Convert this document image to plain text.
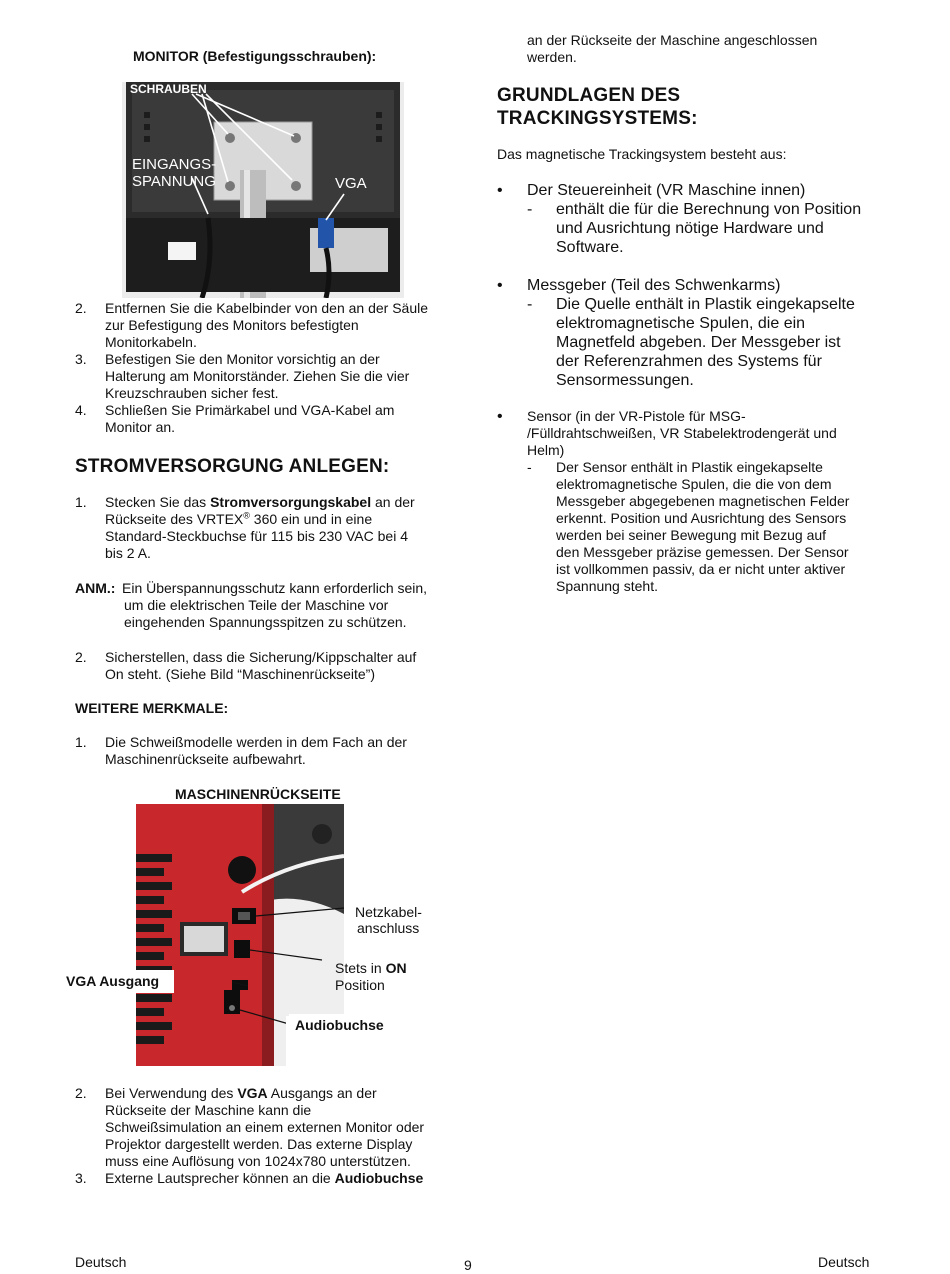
MONITOR (Befestigungsschrauben):
SCHRAUBEN
EINGANGS-
SPANNUNG	VGA
2. Entfernen Sie die Kabelbinder von den an der Säule
zur Befestigung des Monitors befestigten
Monitorkabeln.
3. Befestigen Sie den Monitor vorsichtig an der
Halterung am Monitorständer. Ziehen Sie die vier
Kreuzschrauben sicher fest.
4. Schließen Sie Primärkabel und VGA-Kabel am
Monitor an.
STROMVERSORGUNG ANLEGEN:
1. Stecken Sie das Stromversorgungskabel an der
Rückseite des VRTEX® 360 ein und in eine
Standard-Steckbuchse für 115 bis 230 VAC bei 4
bis 2 A.
ANM.: Ein Überspannungsschutz kann erforderlich sein,
um die elektrischen Teile der Maschine vor
eingehenden Spannungsspitzen zu schützen.
2. Sicherstellen, dass die Sicherung/Kippschalter auf
On steht. (Siehe Bild “Maschinenrückseite”)
WEITERE MERKMALE:
1. Die Schweißmodelle werden in dem Fach an der
Maschinenrückseite aufbewahrt.
MASCHINENRÜCKSEITE
Netzkabel-
anschluss
Stets in ON
Position
VGA Ausgang
Audiobuchse
2. Bei Verwendung des VGA Ausgangs an der
Rückseite der Maschine kann die
Schweißsimulation an einem externen Monitor oder
Projektor dargestellt werden. Das externe Display
muss eine Auflösung von 1024x780 unterstützen.
3. Externe Lautsprecher können an die Audiobuchse
an der Rückseite der Maschine angeschlossen
werden.
GRUNDLAGEN DES
TRACKINGSYSTEMS:
Das magnetische Trackingsystem besteht aus:
• Der Steuereinheit (VR Maschine innen)
- enthält die für die Berechnung von Position
und Ausrichtung nötige Hardware und
Software.
• Messgeber (Teil des Schwenkarms)
- Die Quelle enthält in Plastik eingekapselte
elektromagnetische Spulen, die ein
Magnetfeld abgeben. Der Messgeber ist
der Referenzrahmen des Systems für
Sensormessungen.
• Sensor (in der VR-Pistole für MSG-
/Fülldrahtschweißen, VR Stabelektrodengerät und
Helm)
- Der Sensor enthält in Plastik eingekapselte
elektromagnetische Spulen, die die von dem
Messgeber abgegebenen magnetischen Felder
erkennt. Position und Ausrichtung des Sensors
werden bei seiner Bewegung mit Bezug auf
den Messgeber präzise gemessen. Der Sensor
ist vollkommen passiv, da er nicht unter aktiver
Spannung steht.
Deutsch	9	Deutsch
